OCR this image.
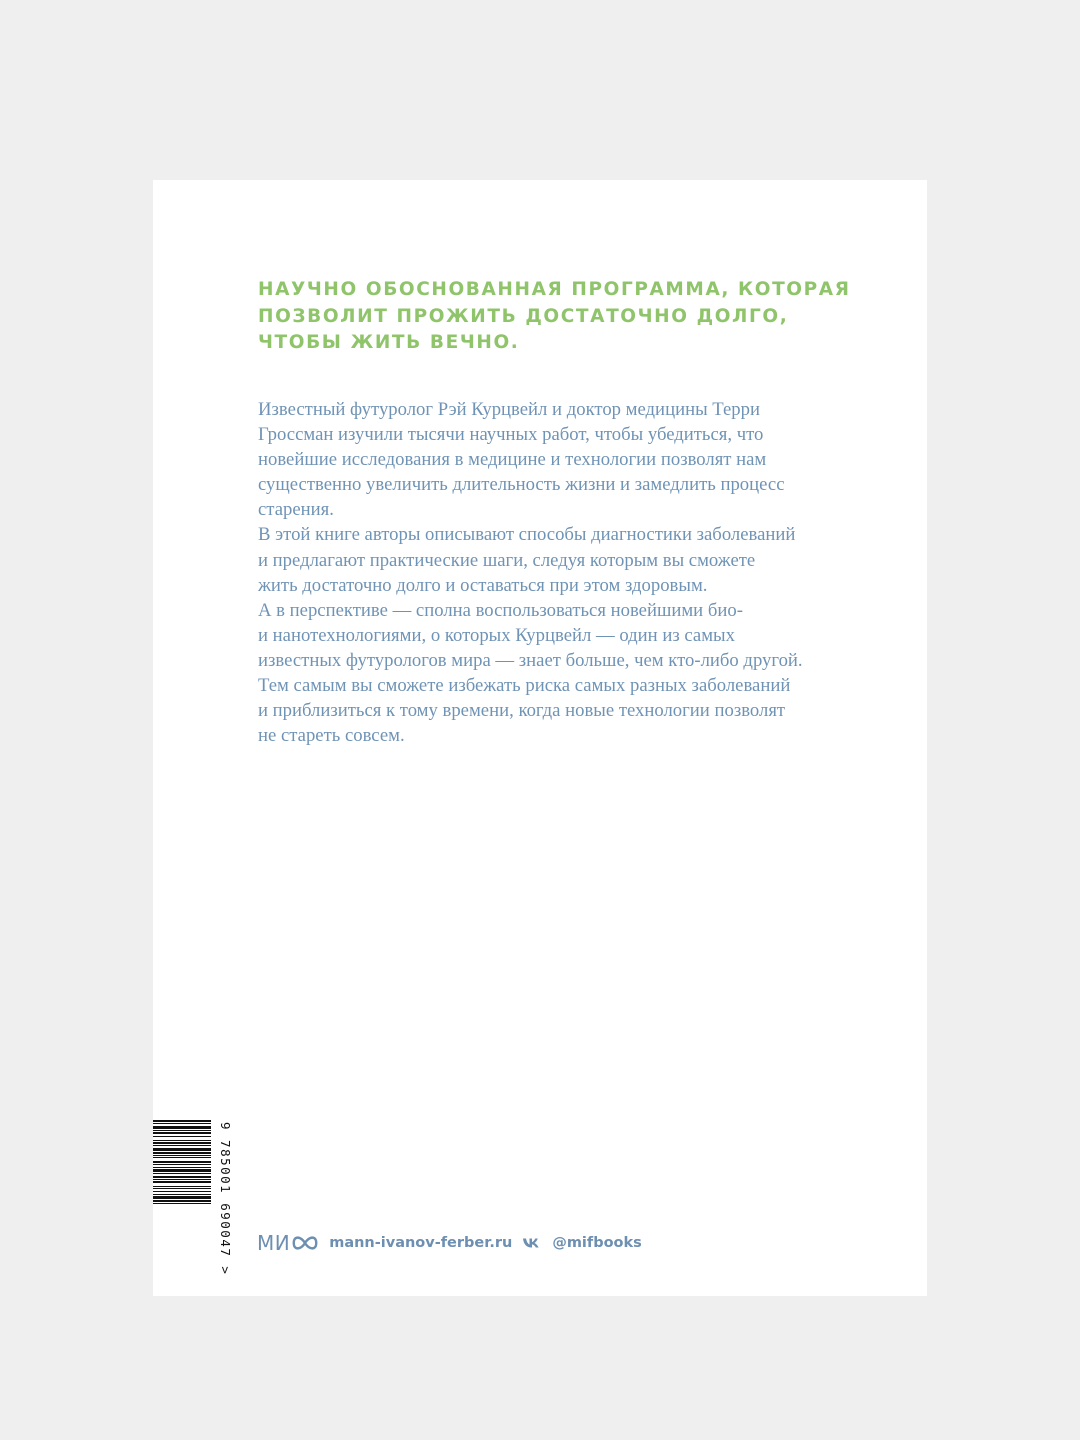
НАУЧНО ОБОСНОВАННАЯ ПРОГРАММА, КОТОРАЯ
ПОЗВОЛИТ ПРОЖИТЬ ДОСТАТОЧНО ДОЛГО,
ЧТОБЫ ЖИТЬ ВЕЧНО.
Известный футуролог Рэй Курцвейл и доктор медицины Терри
Гроссман изучили тысячи научных работ, чтобы убедиться, что
новейшие исследования в медицине и технологии позволят нам
существенно увеличить длительность жизни и замедлить процесс
старения.
В этой книге авторы описывают способы диагностики заболеваний
и предлагают практические шаги, следуя которым вы сможете
жить достаточно долго и оставаться при этом здоровым.
А в перспективе — сполна воспользоваться новейшими био-
и нанотехнологиями, о которых Курцвейл — один из самых
известных футурологов мира — знает больше, чем кто-либо другой.
Тем самым вы сможете избежать риска самых разных заболеваний
и приблизиться к тому времени, когда новые технологии позволят
не стареть совсем.
9 785001 690047 > МИ	mann-ivanov-ferber.ru	@mifbooks
